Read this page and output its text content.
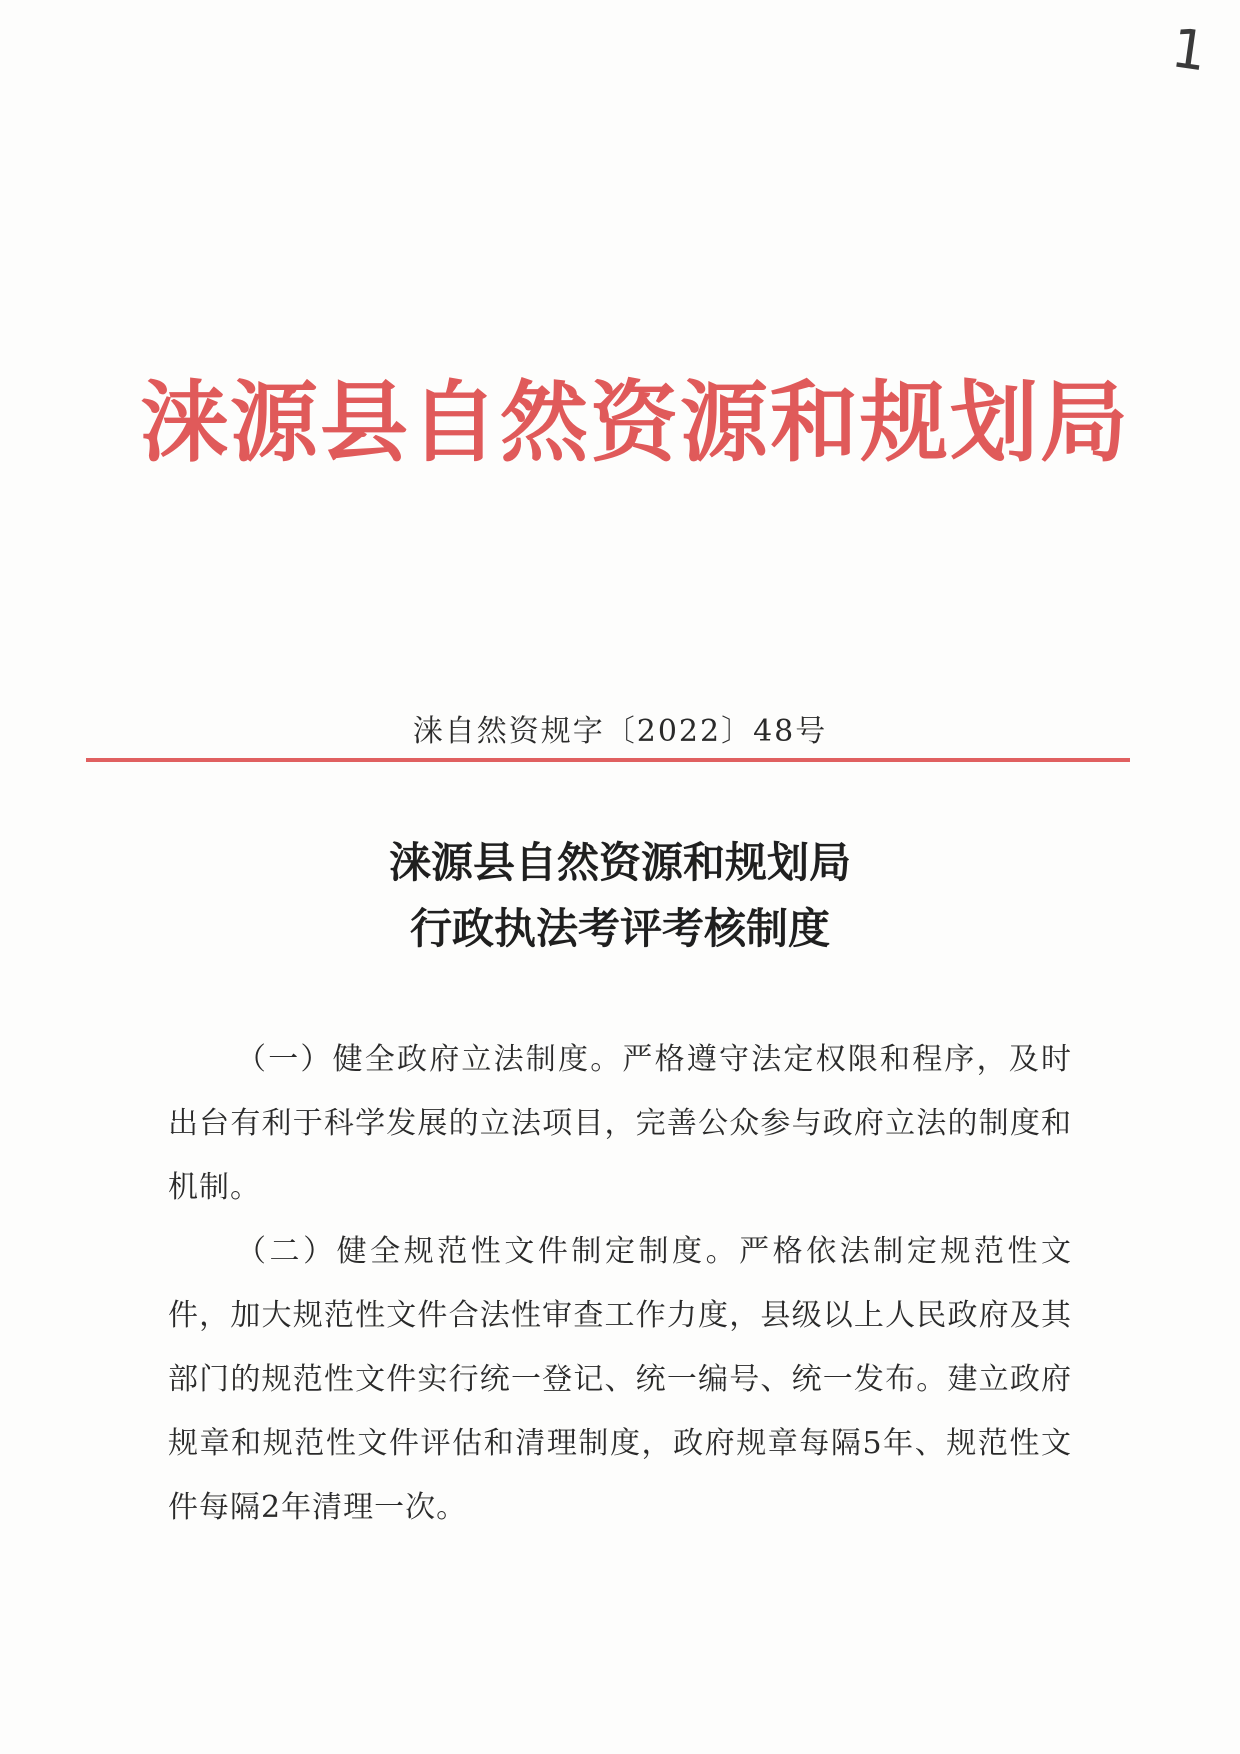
1
涞源县自然资源和规划局
涞自然资规字〔2022〕48号
涞源县自然资源和规划局
行政执法考评考核制度

（一）健全政府立法制度。严格遵守法定权限和程序，及时出台有利于科学发展的立法项目，完善公众参与政府立法的制度和机制。

（二）健全规范性文件制定制度。严格依法制定规范性文件，加大规范性文件合法性审查工作力度，县级以上人民政府及其部门的规范性文件实行统一登记、统一编号、统一发布。建立政府规章和规范性文件评估和清理制度，政府规章每隔5年、规范性文件每隔2年清理一次。
